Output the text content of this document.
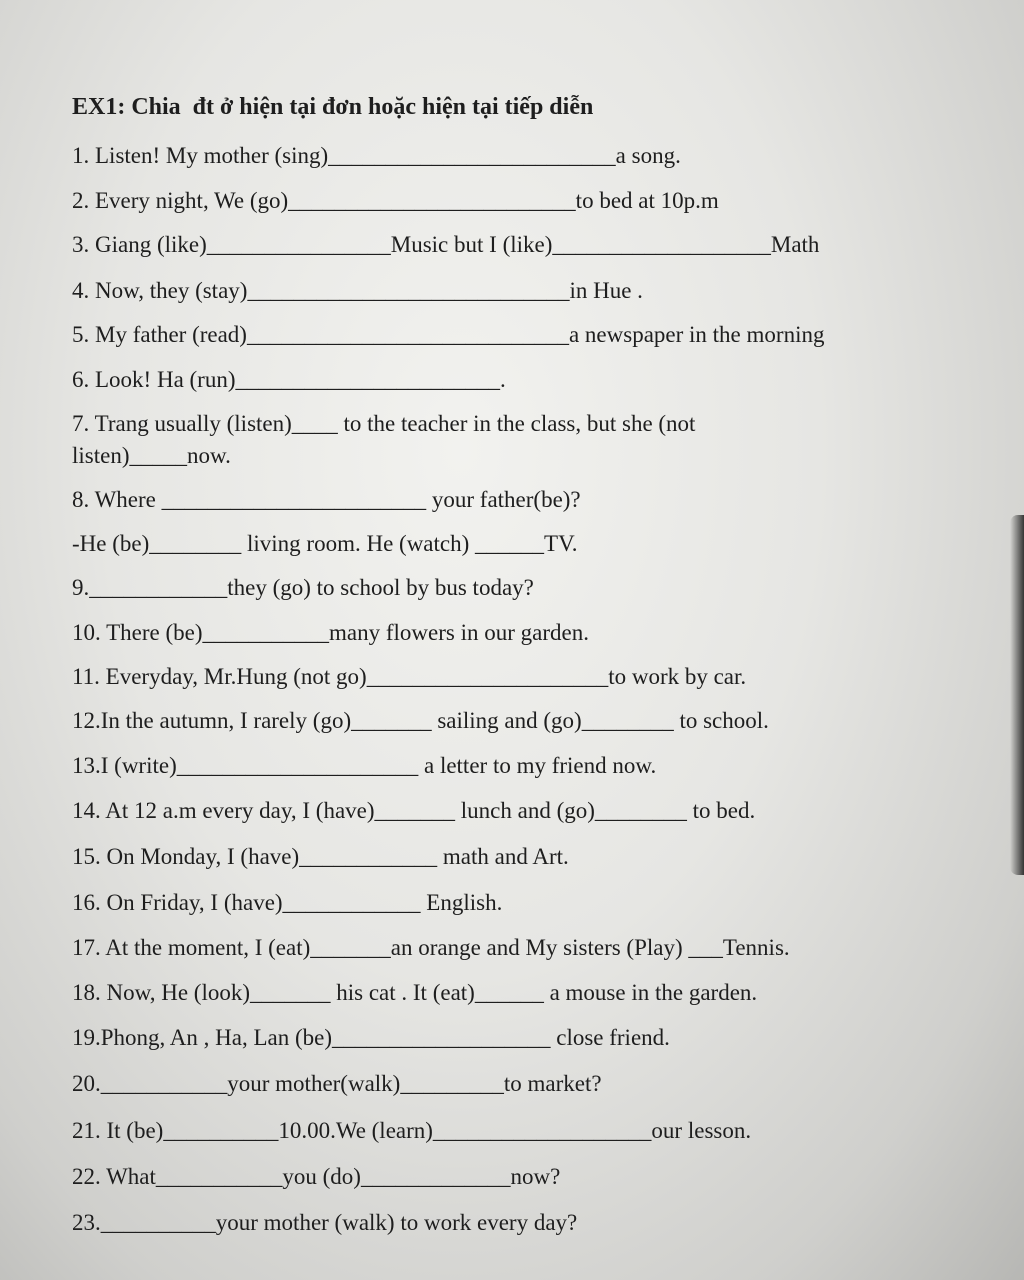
EX1: Chia  đt ở hiện tại đơn hoặc hiện tại tiếp diễn
1. Listen! My mother (sing)_________________________a song.
2. Every night, We (go)_________________________to bed at 10p.m
3. Giang (like)________________Music but I (like)___________________Math
4. Now, they (stay)____________________________in Hue .
5. My father (read)____________________________a newspaper in the morning
6. Look! Ha (run)_______________________.
7. Trang usually (listen)____ to the teacher in the class, but she (not
listen)_____now.
8. Where _______________________ your father(be)?
-He (be)________ living room. He (watch) ______TV.
9.____________they (go) to school by bus today?
10. There (be)___________many flowers in our garden.
11. Everyday, Mr.Hung (not go)_____________________to work by car.
12.In the autumn, I rarely (go)_______ sailing and (go)________ to school.
13.I (write)_____________________ a letter to my friend now.
14. At 12 a.m every day, I (have)_______ lunch and (go)________ to bed.
15. On Monday, I (have)____________ math and Art.
16. On Friday, I (have)____________ English.
17. At the moment, I (eat)_______an orange and My sisters (Play) ___Tennis.
18. Now, He (look)_______ his cat . It (eat)______ a mouse in the garden.
19.Phong, An , Ha, Lan (be)___________________ close friend.
20.___________your mother(walk)_________to market?
21. It (be)__________10.00.We (learn)___________________our lesson.
22. What___________you (do)_____________now?
23.__________your mother (walk) to work every day?
